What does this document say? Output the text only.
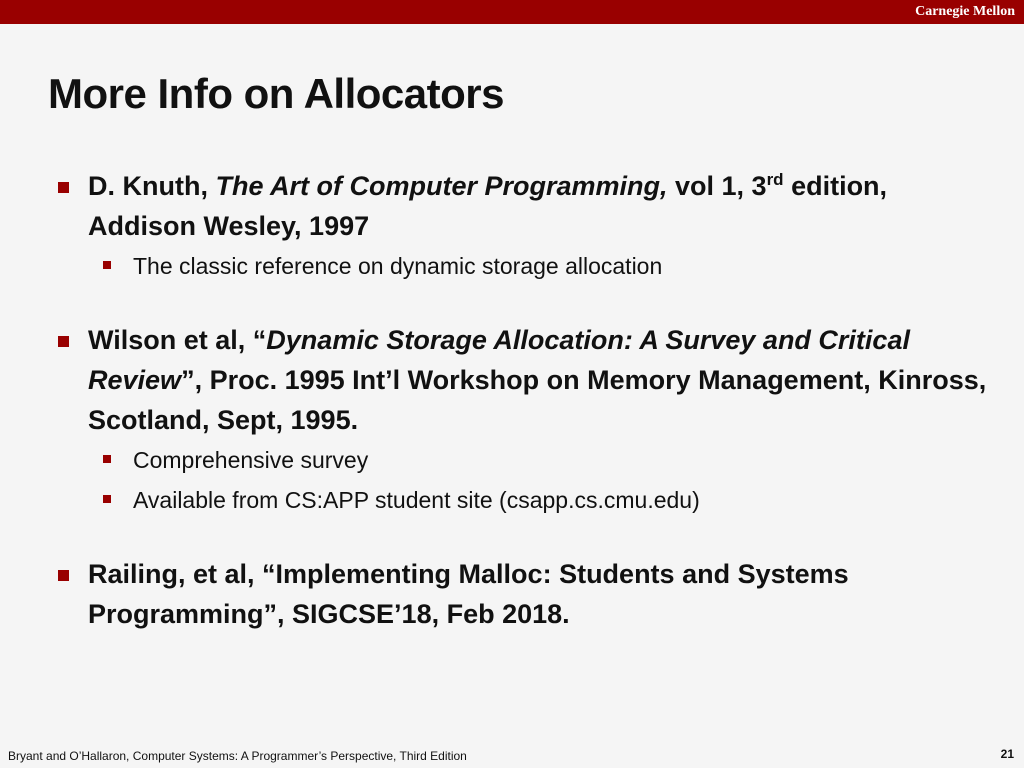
Carnegie Mellon
More Info on Allocators
D. Knuth, The Art of Computer Programming, vol 1, 3rd edition, Addison Wesley, 1997
The classic reference on dynamic storage allocation
Wilson et al, “Dynamic Storage Allocation: A Survey and Critical Review”, Proc. 1995 Int’l Workshop on Memory Management, Kinross, Scotland, Sept, 1995.
Comprehensive survey
Available from CS:APP student site (csapp.cs.cmu.edu)
Railing, et al, “Implementing Malloc: Students and Systems Programming”, SIGCSE’18, Feb 2018.
Bryant and O’Hallaron, Computer Systems: A Programmer’s Perspective, Third Edition	21
